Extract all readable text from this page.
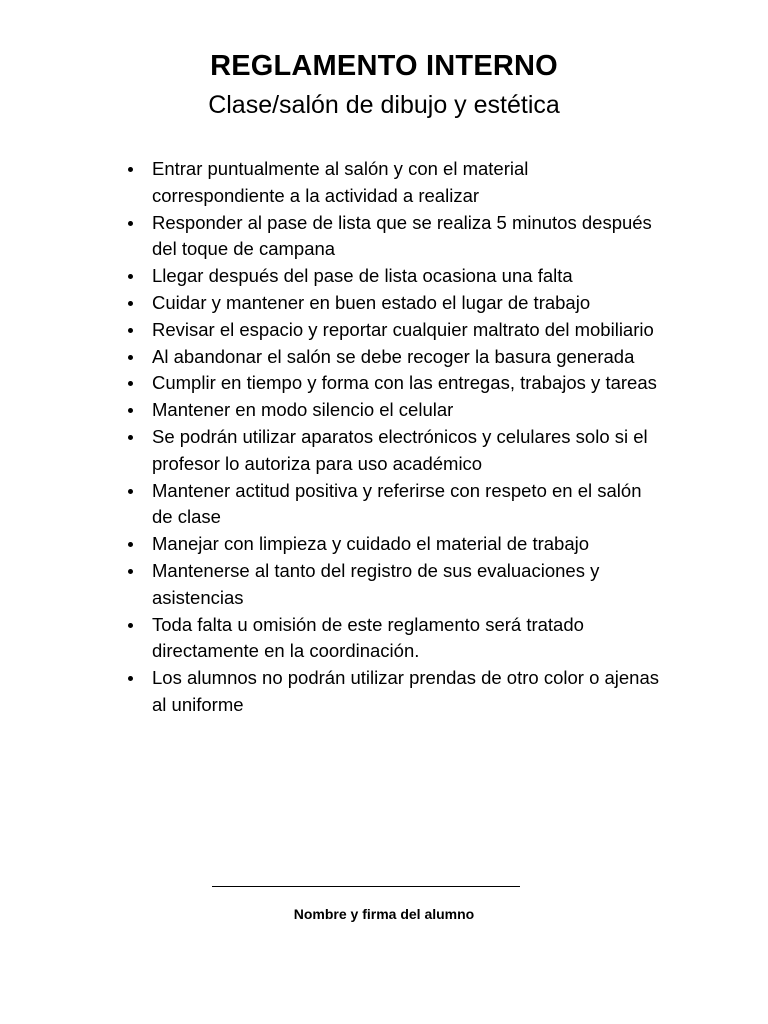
REGLAMENTO INTERNO
Clase/salón de dibujo y estética
Entrar puntualmente al salón y con el material correspondiente a la actividad a realizar
Responder al pase de lista que se realiza 5 minutos después del toque de campana
Llegar después del pase de lista ocasiona una falta
Cuidar y mantener en buen estado el lugar de trabajo
Revisar el espacio y reportar cualquier maltrato del mobiliario
Al abandonar el salón se debe recoger la basura generada
Cumplir en tiempo y forma con las entregas, trabajos y tareas
Mantener en modo silencio el celular
Se podrán utilizar aparatos electrónicos y celulares solo si el profesor lo autoriza para uso académico
Mantener actitud positiva y referirse con respeto en el salón de clase
Manejar con limpieza y cuidado el material de trabajo
Mantenerse al tanto del registro de sus evaluaciones y asistencias
Toda falta u omisión de este reglamento será tratado directamente en la coordinación.
Los alumnos no podrán utilizar prendas de otro color o ajenas al uniforme
Nombre y firma del alumno
